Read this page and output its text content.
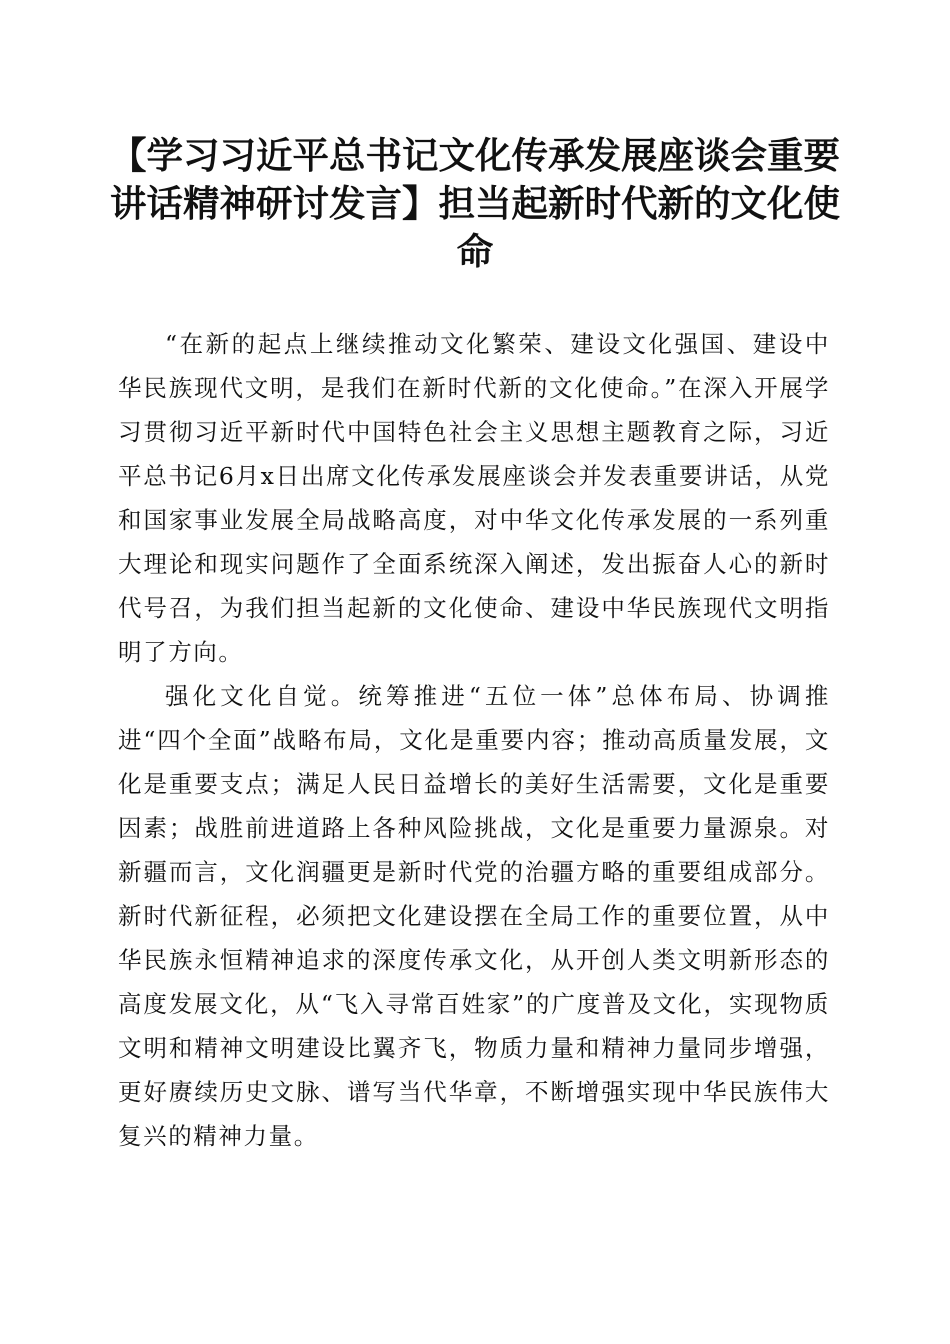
【学习习近平总书记文化传承发展座谈会重要讲话精神研讨发言】担当起新时代新的文化使命

“在新的起点上继续推动文化繁荣、建设文化强国、建设中华民族现代文明，是我们在新时代新的文化使命。”在深入开展学习贯彻习近平新时代中国特色社会主义思想主题教育之际，习近平总书记6月x日出席文化传承发展座谈会并发表重要讲话，从党和国家事业发展全局战略高度，对中华文化传承发展的一系列重大理论和现实问题作了全面系统深入阐述，发出振奋人心的新时代号召，为我们担当起新的文化使命、建设中华民族现代文明指明了方向。

强化文化自觉。统筹推进“五位一体”总体布局、协调推进“四个全面”战略布局，文化是重要内容；推动高质量发展，文化是重要支点；满足人民日益增长的美好生活需要，文化是重要因素；战胜前进道路上各种风险挑战，文化是重要力量源泉。对新疆而言，文化润疆更是新时代党的治疆方略的重要组成部分。新时代新征程，必须把文化建设摆在全局工作的重要位置，从中华民族永恒精神追求的深度传承文化，从开创人类文明新形态的高度发展文化，从“飞入寻常百姓家”的广度普及文化，实现物质文明和精神文明建设比翼齐飞，物质力量和精神力量同步增强，更好赓续历史文脉、谱写当代华章，不断增强实现中华民族伟大复兴的精神力量。
